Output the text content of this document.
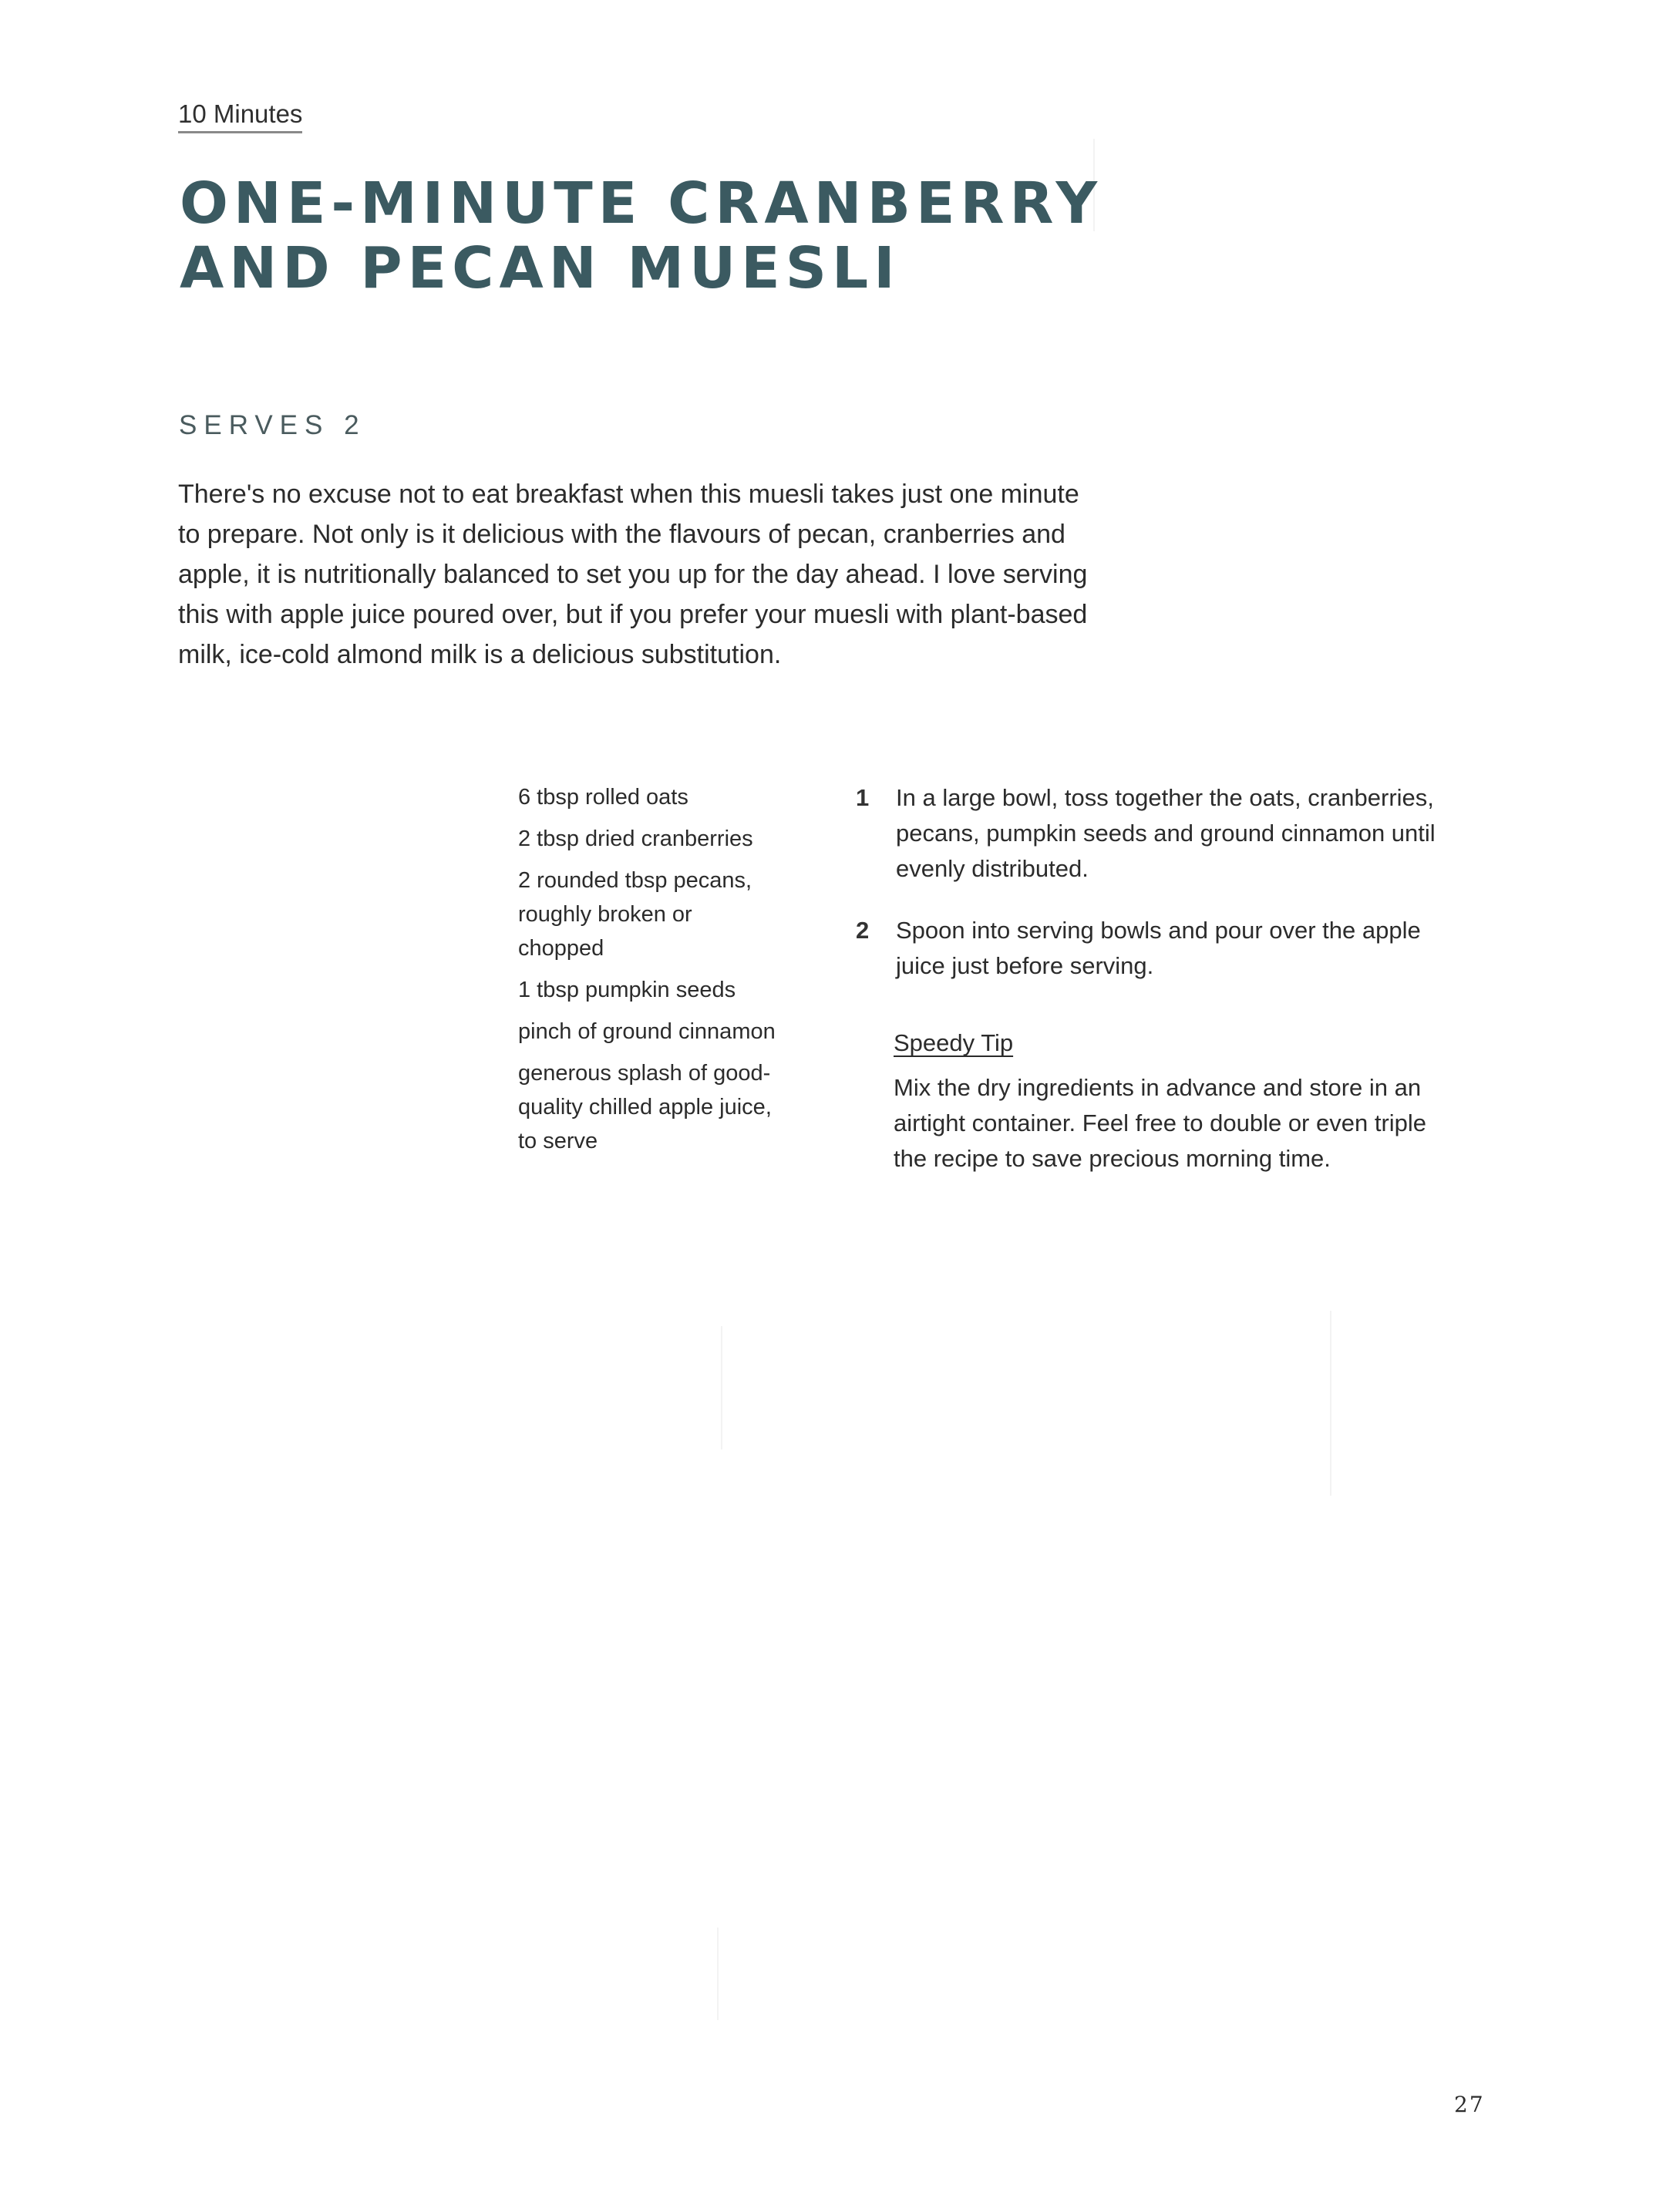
10 Minutes
ONE-MINUTE CRANBERRY
AND PECAN MUESLI
SERVES 2

There's no excuse not to eat breakfast when this muesli takes just one minute
to prepare. Not only is it delicious with the flavours of pecan, cranberries and
apple, it is nutritionally balanced to set you up for the day ahead. I love serving
this with apple juice poured over, but if you prefer your muesli with plant-based
milk, ice-cold almond milk is a delicious substitution.

6 tbsp rolled oats
2 tbsp dried cranberries
2 rounded tbsp pecans,
roughly broken or
chopped
1 tbsp pumpkin seeds
pinch of ground cinnamon
generous splash of good-
quality chilled apple juice,
to serve
1	In a large bowl, toss together the oats, cranberries,
pecans, pumpkin seeds and ground cinnamon until
evenly distributed.
2	Spoon into serving bowls and pour over the apple
juice just before serving.
Speedy Tip

Mix the dry ingredients in advance and store in an
airtight container. Feel free to double or even triple
the recipe to save precious morning time.

27
